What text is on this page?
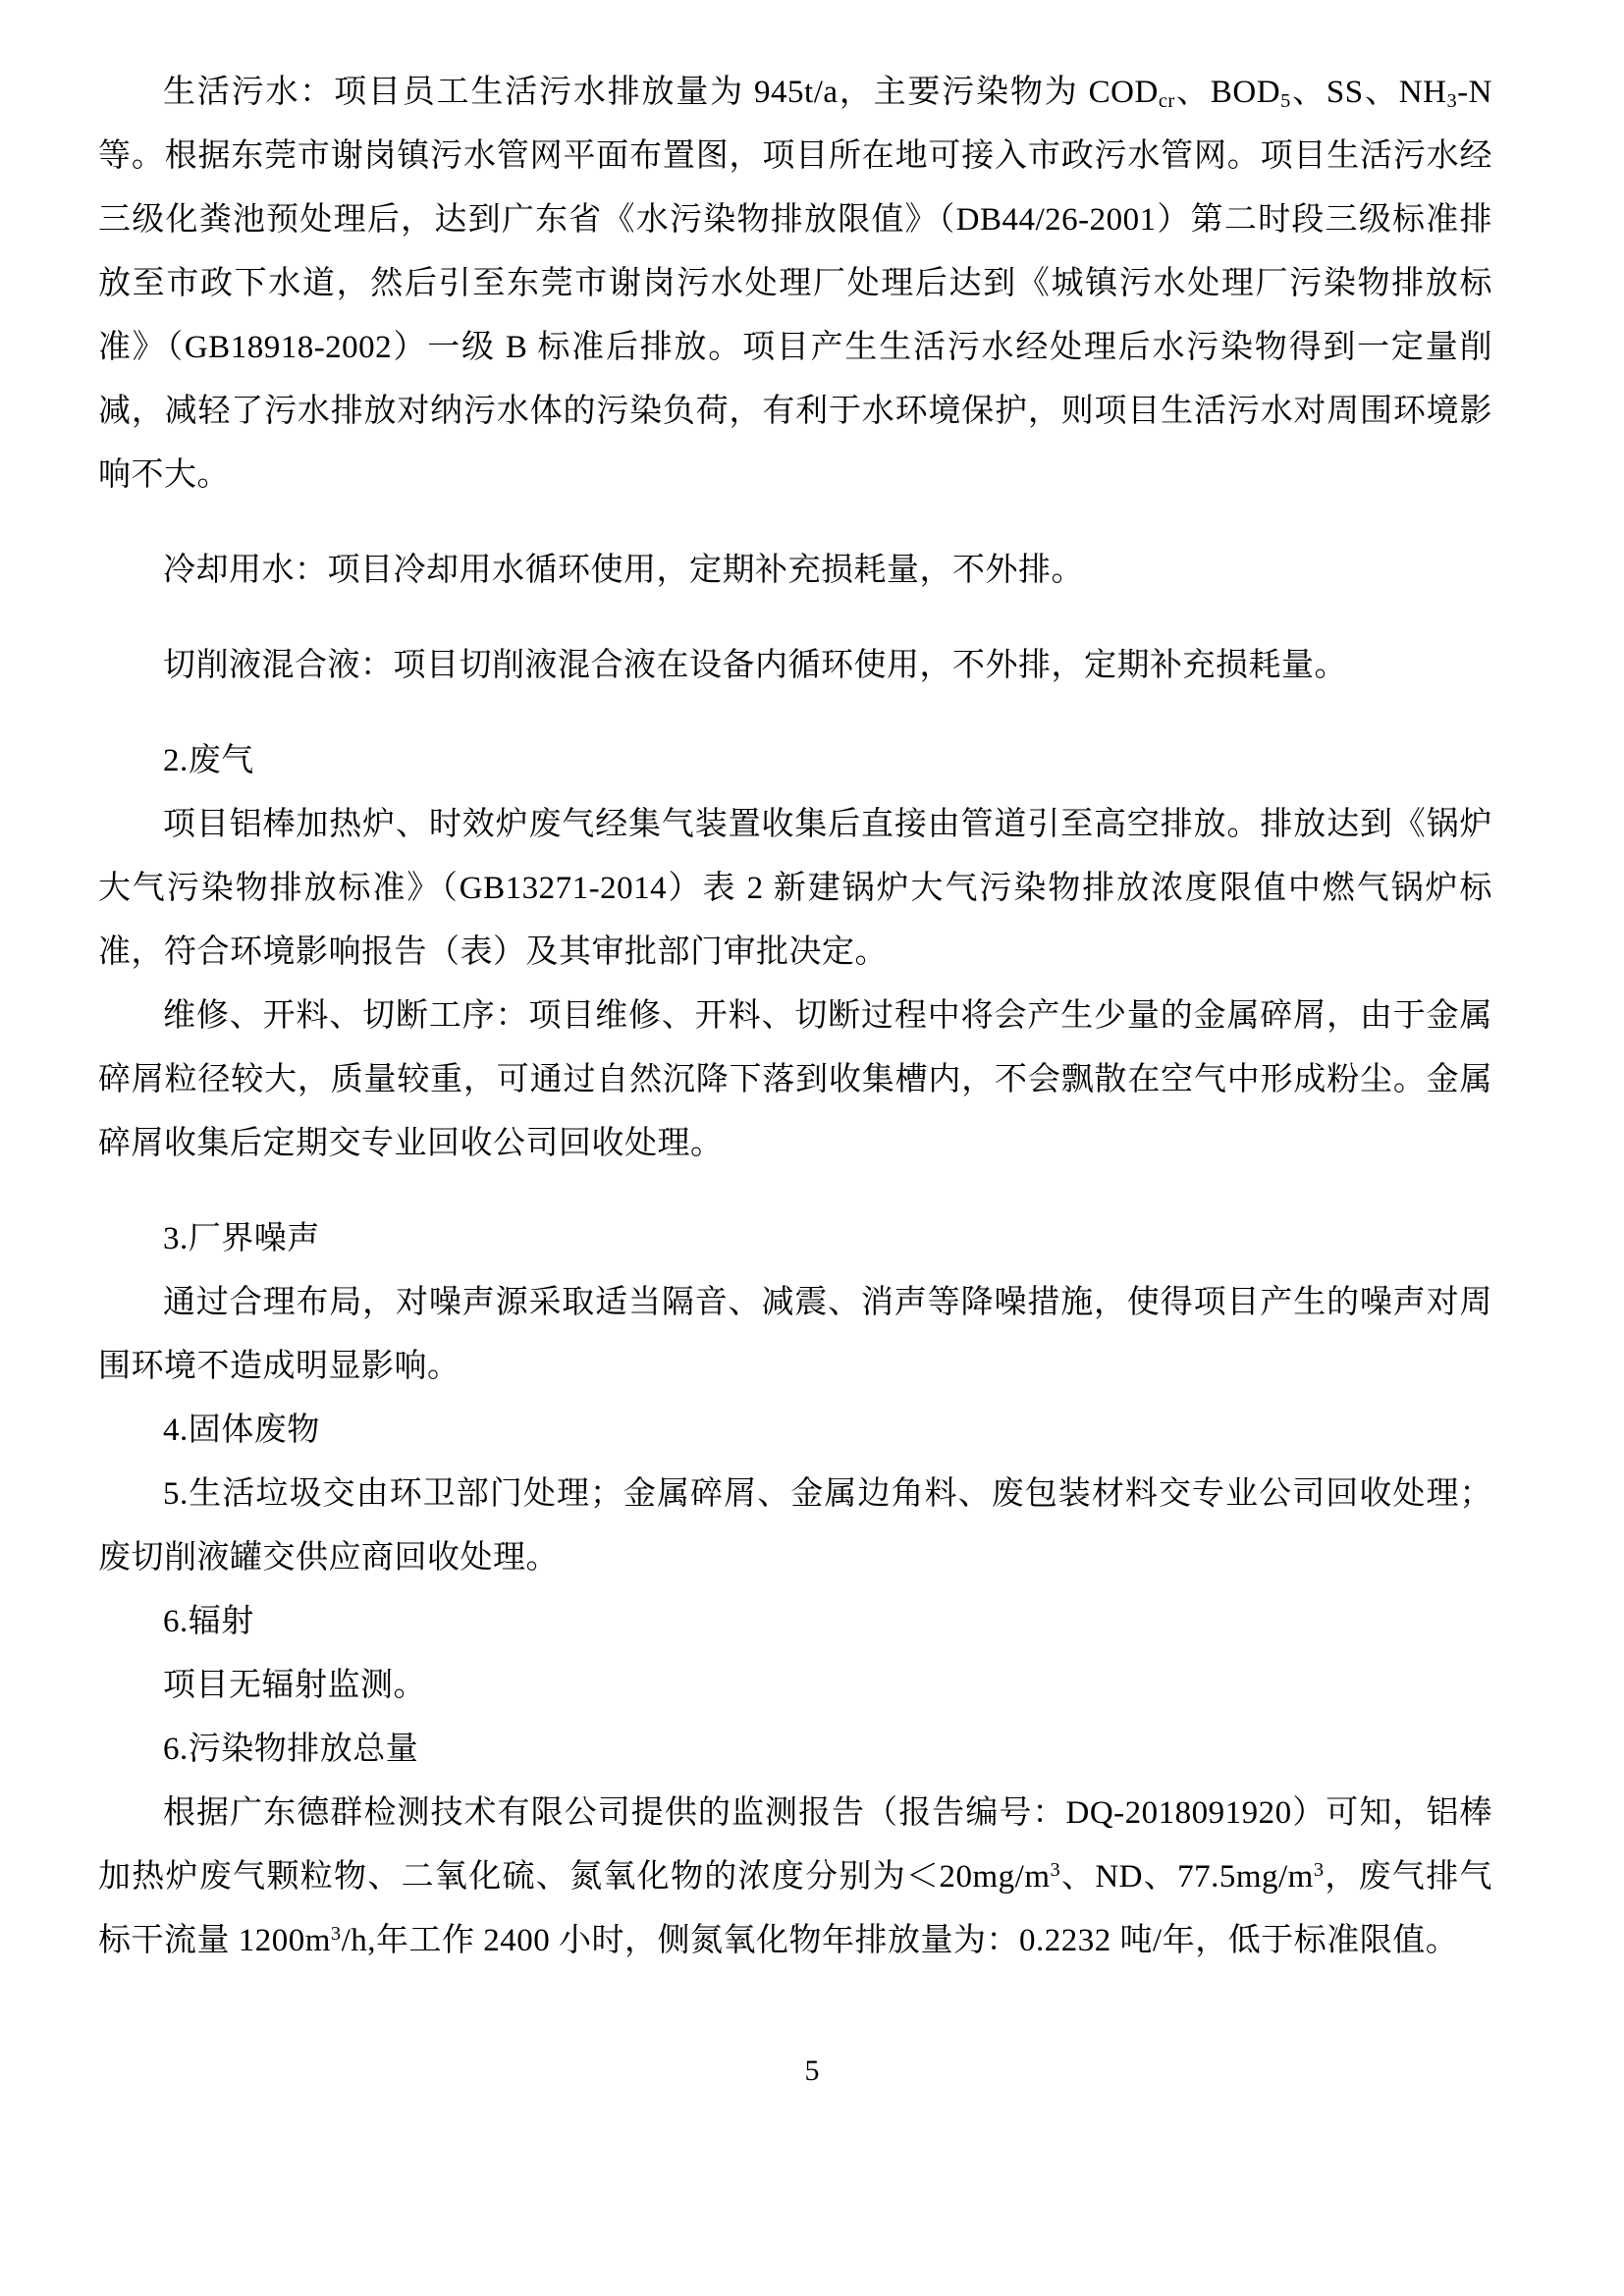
生活污水：项目员工生活污水排放量为 945t/a，主要污染物为 $COD_{cr}$、$BOD_5$、SS、$NH_3-N$ 等。根据东莞市谢岗镇污水管网平面布置图，项目所在地可接入市政污水管网。项目生活污水经三级化粪池预处理后，达到广东省《水污染物排放限值》（DB44/26-2001）第二时段三级标准排放至市政下水道，然后引至东莞市谢岗污水处理厂处理后达到《城镇污水处理厂污染物排放标准》（GB18918-2002）一级 B 标准后排放。项目产生生活污水经处理后水污染物得到一定量削减，减轻了污水排放对纳污水体的污染负荷，有利于水环境保护，则项目生活污水对周围环境影响不大。

冷却用水：项目冷却用水循环使用，定期补充损耗量，不外排。

切削液混合液：项目切削液混合液在设备内循环使用，不外排，定期补充损耗量。

2.废气

项目铝棒加热炉、时效炉废气经集气装置收集后直接由管道引至高空排放。排放达到《锅炉大气污染物排放标准》（GB13271-2014）表 2 新建锅炉大气污染物排放浓度限值中燃气锅炉标准，符合环境影响报告（表）及其审批部门审批决定。

维修、开料、切断工序：项目维修、开料、切断过程中将会产生少量的金属碎屑，由于金属碎屑粒径较大，质量较重，可通过自然沉降下落到收集槽内，不会飘散在空气中形成粉尘。金属碎屑收集后定期交专业回收公司回收处理。

3.厂界噪声

通过合理布局，对噪声源采取适当隔音、减震、消声等降噪措施，使得项目产生的噪声对周围环境不造成明显影响。

4.固体废物

5.生活垃圾交由环卫部门处理；金属碎屑、金属边角料、废包装材料交专业公司回收处理；废切削液罐交供应商回收处理。

6.辐射

项目无辐射监测。

6.污染物排放总量

根据广东德群检测技术有限公司提供的监测报告（报告编号：DQ-2018091920）可知，铝棒加热炉废气颗粒物、二氧化硫、氮氧化物的浓度分别为$<20mg/m^3$、ND、$77.5mg/m^3$，废气排气标干流量 $1200m^3/h$,年工作 2400 小时，侧氮氧化物年排放量为：0.2232 吨/年，低于标准限值。

5
